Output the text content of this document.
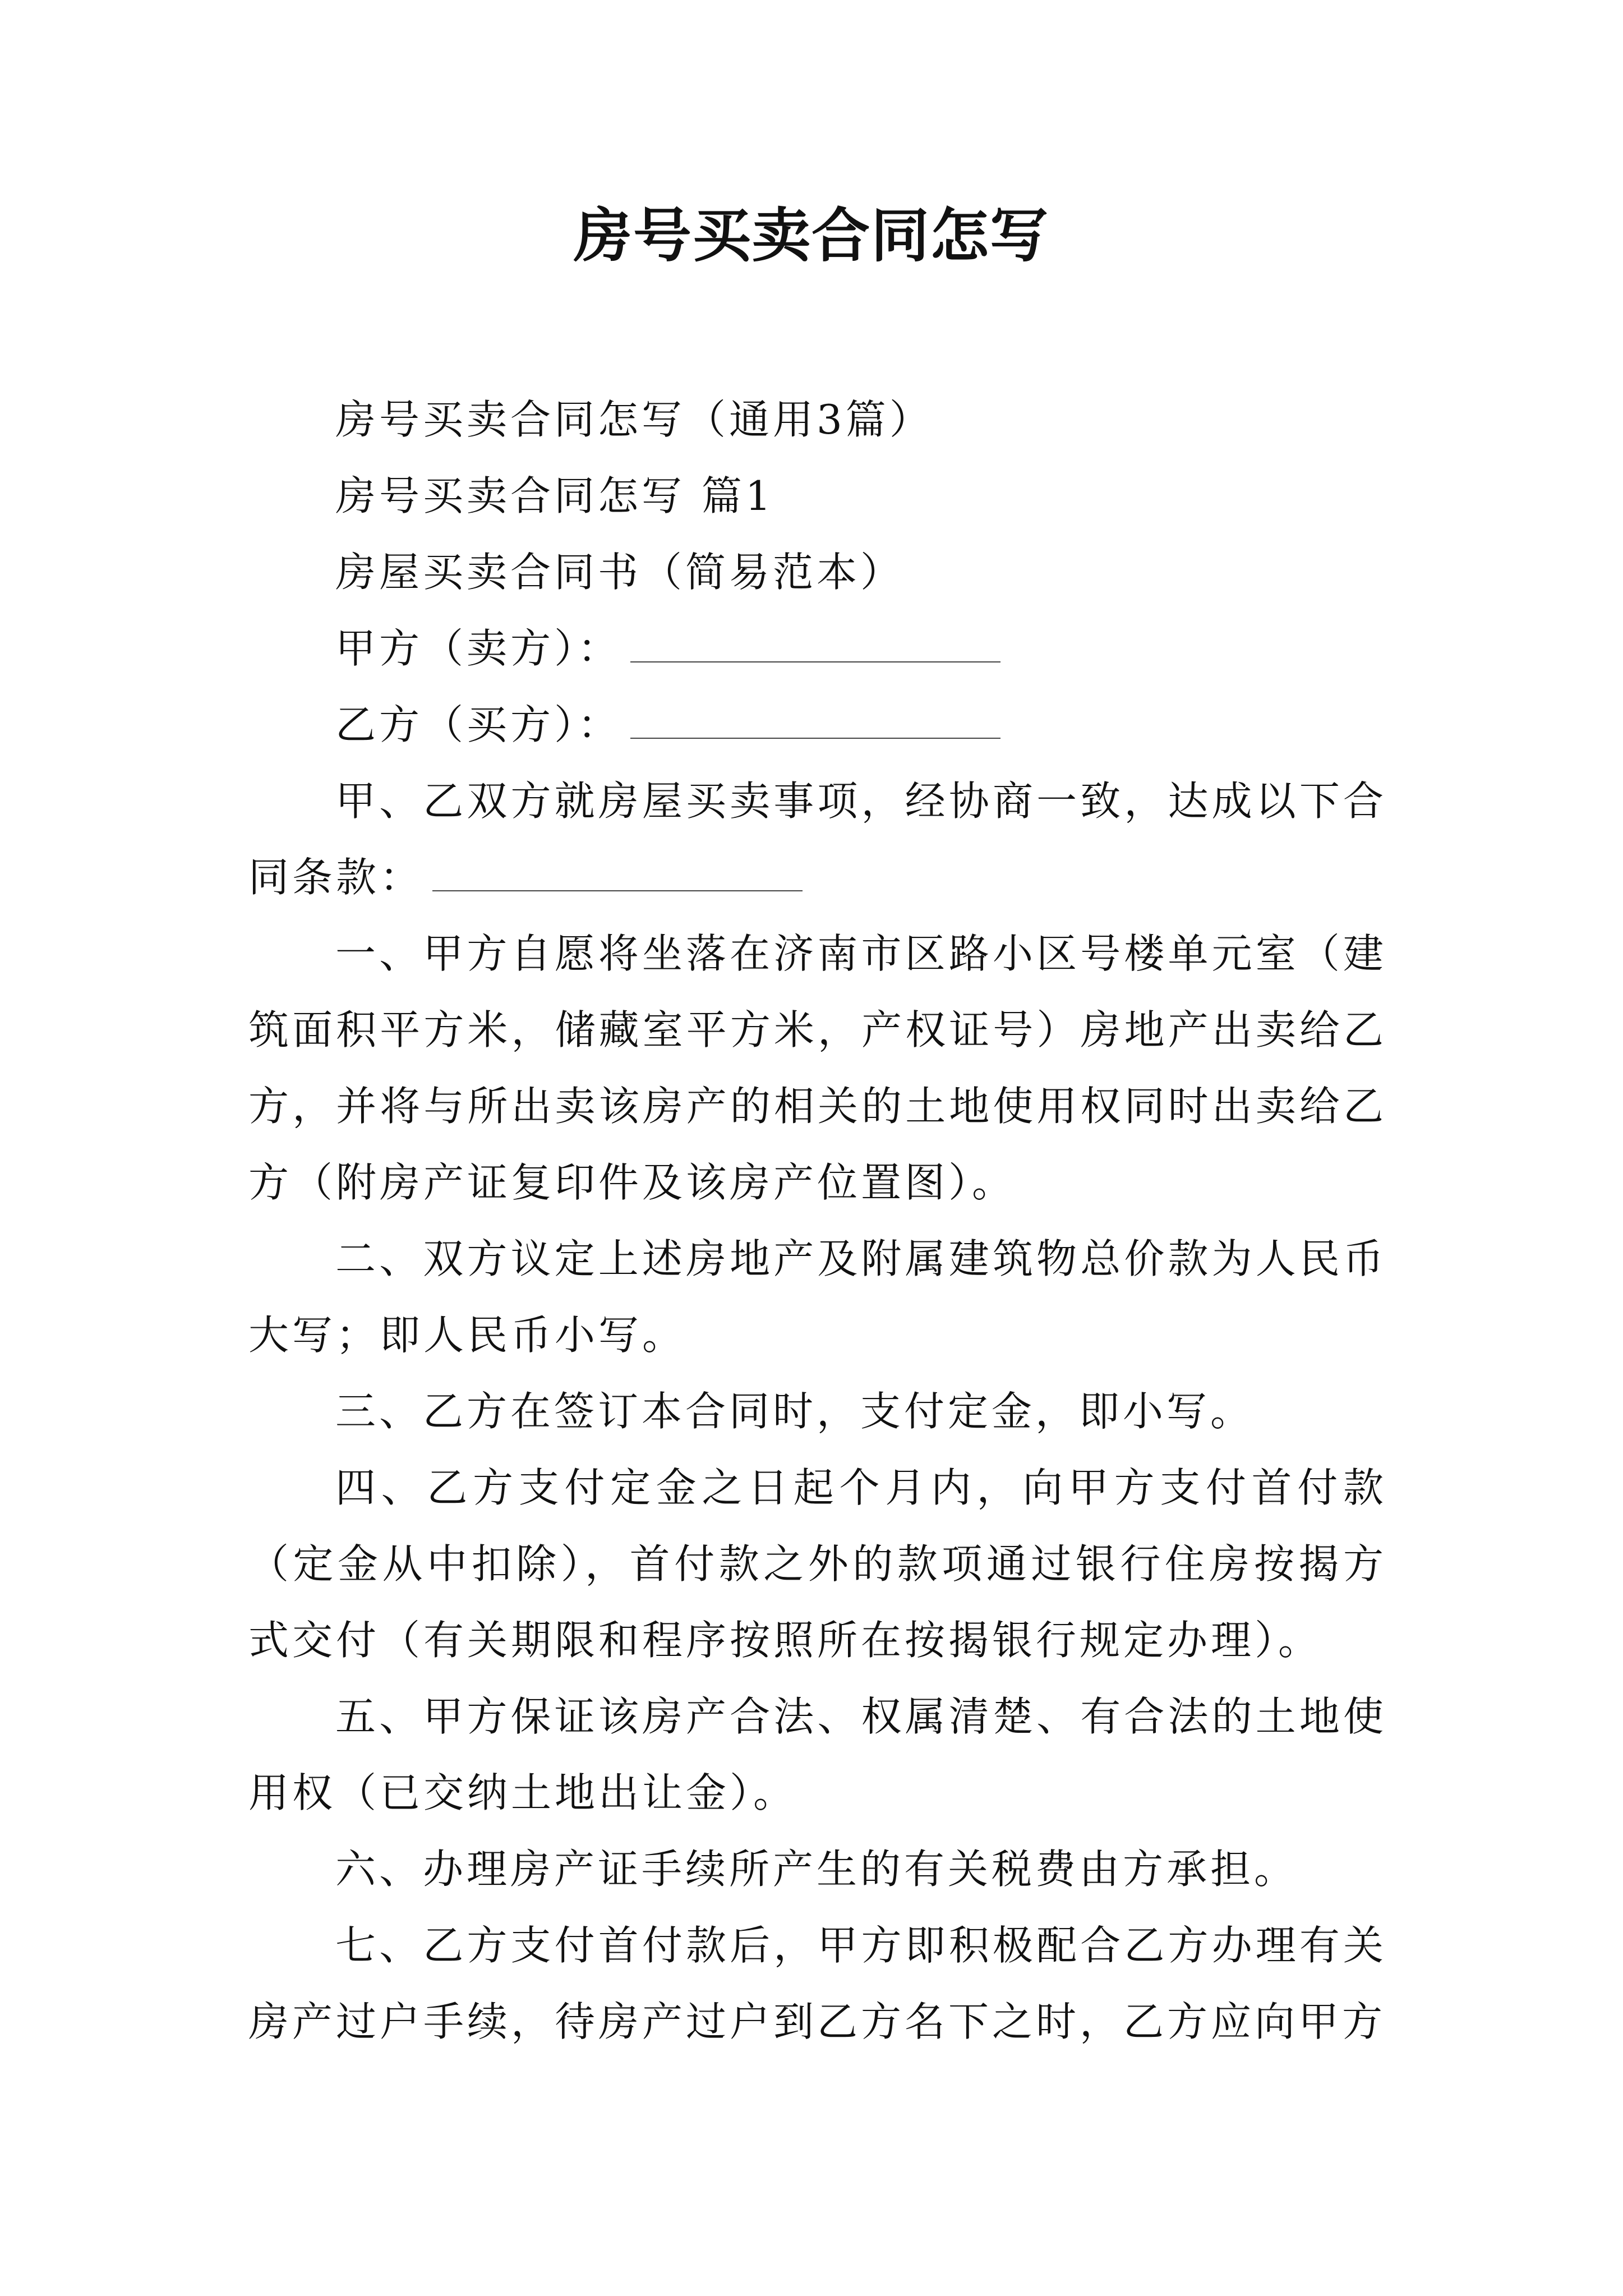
房号买卖合同怎写

房号买卖合同怎写（通用3篇）

房号买卖合同怎写 篇1

房屋买卖合同书（简易范本）

甲方（卖方）：

乙方（买方）：

甲、乙双方就房屋买卖事项，经协商一致，达成以下合同条款：

一、甲方自愿将坐落在济南市区路小区号楼单元室（建筑面积平方米，储藏室平方米，产权证号）房地产出卖给乙方，并将与所出卖该房产的相关的土地使用权同时出卖给乙方（附房产证复印件及该房产位置图）。

二、双方议定上述房地产及附属建筑物总价款为人民币大写；即人民币小写。

三、乙方在签订本合同时，支付定金，即小写。

四、乙方支付定金之日起个月内，向甲方支付首付款（定金从中扣除），首付款之外的款项通过银行住房按揭方式交付（有关期限和程序按照所在按揭银行规定办理）。

五、甲方保证该房产合法、权属清楚、有合法的土地使用权（已交纳土地出让金）。

六、办理房产证手续所产生的有关税费由方承担。

七、乙方支付首付款后，甲方即积极配合乙方办理有关房产过户手续，待房产过户到乙方名下之时，乙方应向甲方
